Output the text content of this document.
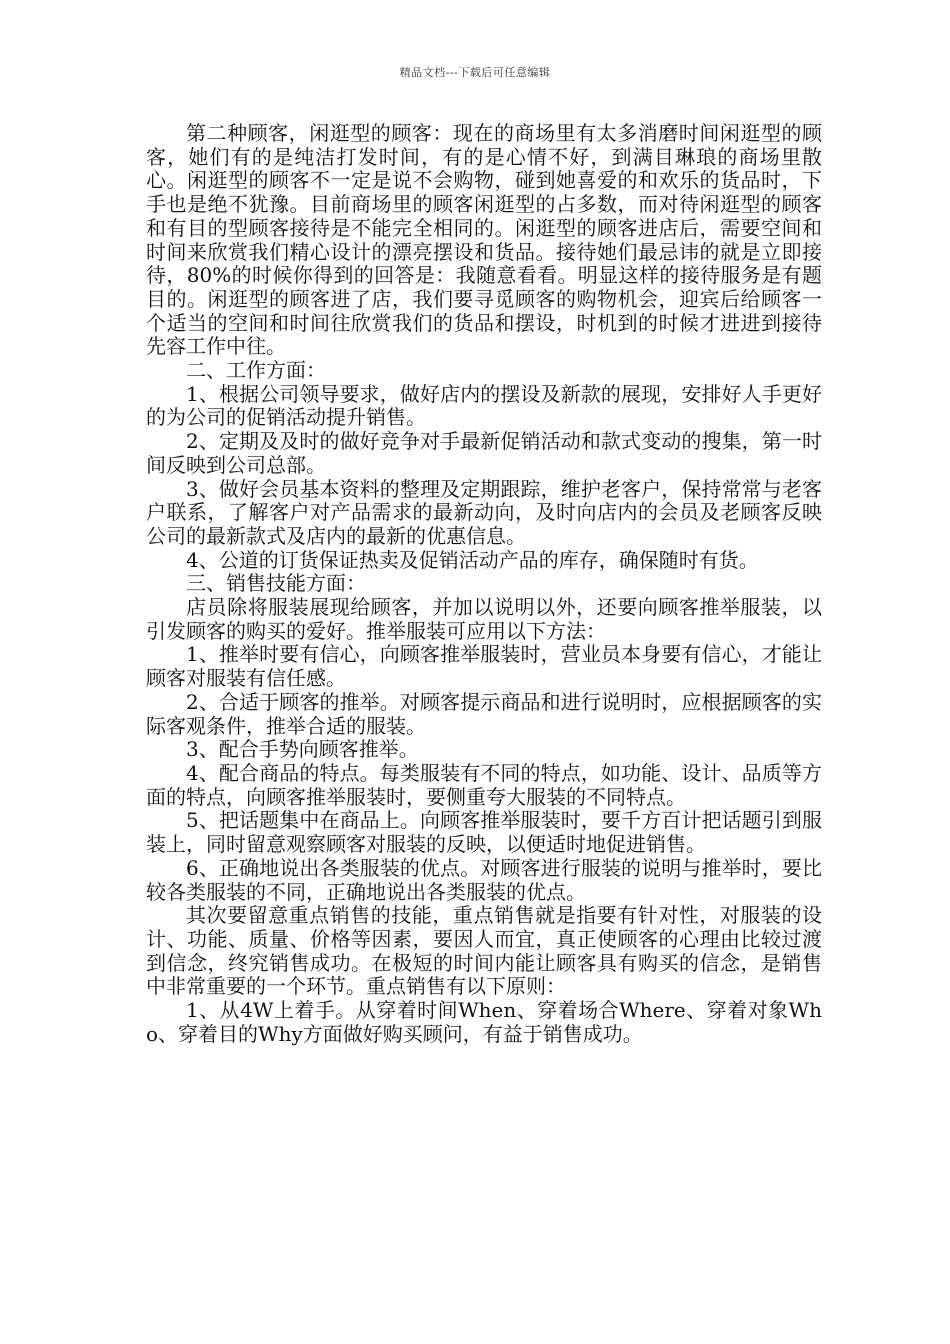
精品文档---下载后可任意编辑

第二种顾客，闲逛型的顾客：现在的商场里有太多消磨时间闲逛型的顾客，她们有的是纯洁打发时间，有的是心情不好，到满目琳琅的商场里散心。闲逛型的顾客不一定是说不会购物，碰到她喜爱的和欢乐的货品时，下手也是绝不犹豫。目前商场里的顾客闲逛型的占多数，而对待闲逛型的顾客和有目的型顾客接待是不能完全相同的。闲逛型的顾客进店后，需要空间和时间来欣赏我们精心设计的漂亮摆设和货品。接待她们最忌讳的就是立即接待，80%的时候你得到的回答是：我随意看看。明显这样的接待服务是有题目的。闲逛型的顾客进了店，我们要寻觅顾客的购物机会，迎宾后给顾客一个适当的空间和时间往欣赏我们的货品和摆设，时机到的时候才进进到接待先容工作中往。

二、工作方面：

1、根据公司领导要求，做好店内的摆设及新款的展现，安排好人手更好的为公司的促销活动提升销售。

2、定期及及时的做好竞争对手最新促销活动和款式变动的搜集，第一时间反映到公司总部。

3、做好会员基本资料的整理及定期跟踪，维护老客户，保持常常与老客户联系，了解客户对产品需求的最新动向，及时向店内的会员及老顾客反映公司的最新款式及店内的最新的优惠信息。

4、公道的订货保证热卖及促销活动产品的库存，确保随时有货。

三、销售技能方面：

店员除将服装展现给顾客，并加以说明以外，还要向顾客推举服装，以引发顾客的购买的爱好。推举服装可应用以下方法：

1、推举时要有信心，向顾客推举服装时，营业员本身要有信心，才能让顾客对服装有信任感。

2、合适于顾客的推举。对顾客提示商品和进行说明时，应根据顾客的实际客观条件，推举合适的服装。

3、配合手势向顾客推举。

4、配合商品的特点。每类服装有不同的特点，如功能、设计、品质等方面的特点，向顾客推举服装时，要侧重夸大服装的不同特点。

5、把话题集中在商品上。向顾客推举服装时，要千方百计把话题引到服装上，同时留意观察顾客对服装的反映，以便适时地促进销售。

6、正确地说出各类服装的优点。对顾客进行服装的说明与推举时，要比较各类服装的不同，正确地说出各类服装的优点。

其次要留意重点销售的技能，重点销售就是指要有针对性，对服装的设计、功能、质量、价格等因素，要因人而宜，真正使顾客的心理由比较过渡到信念，终究销售成功。在极短的时间内能让顾客具有购买的信念，是销售中非常重要的一个环节。重点销售有以下原则：

1、从4W上着手。从穿着时间When、穿着场合Where、穿着对象Who、穿着目的Why方面做好购买顾问，有益于销售成功。
